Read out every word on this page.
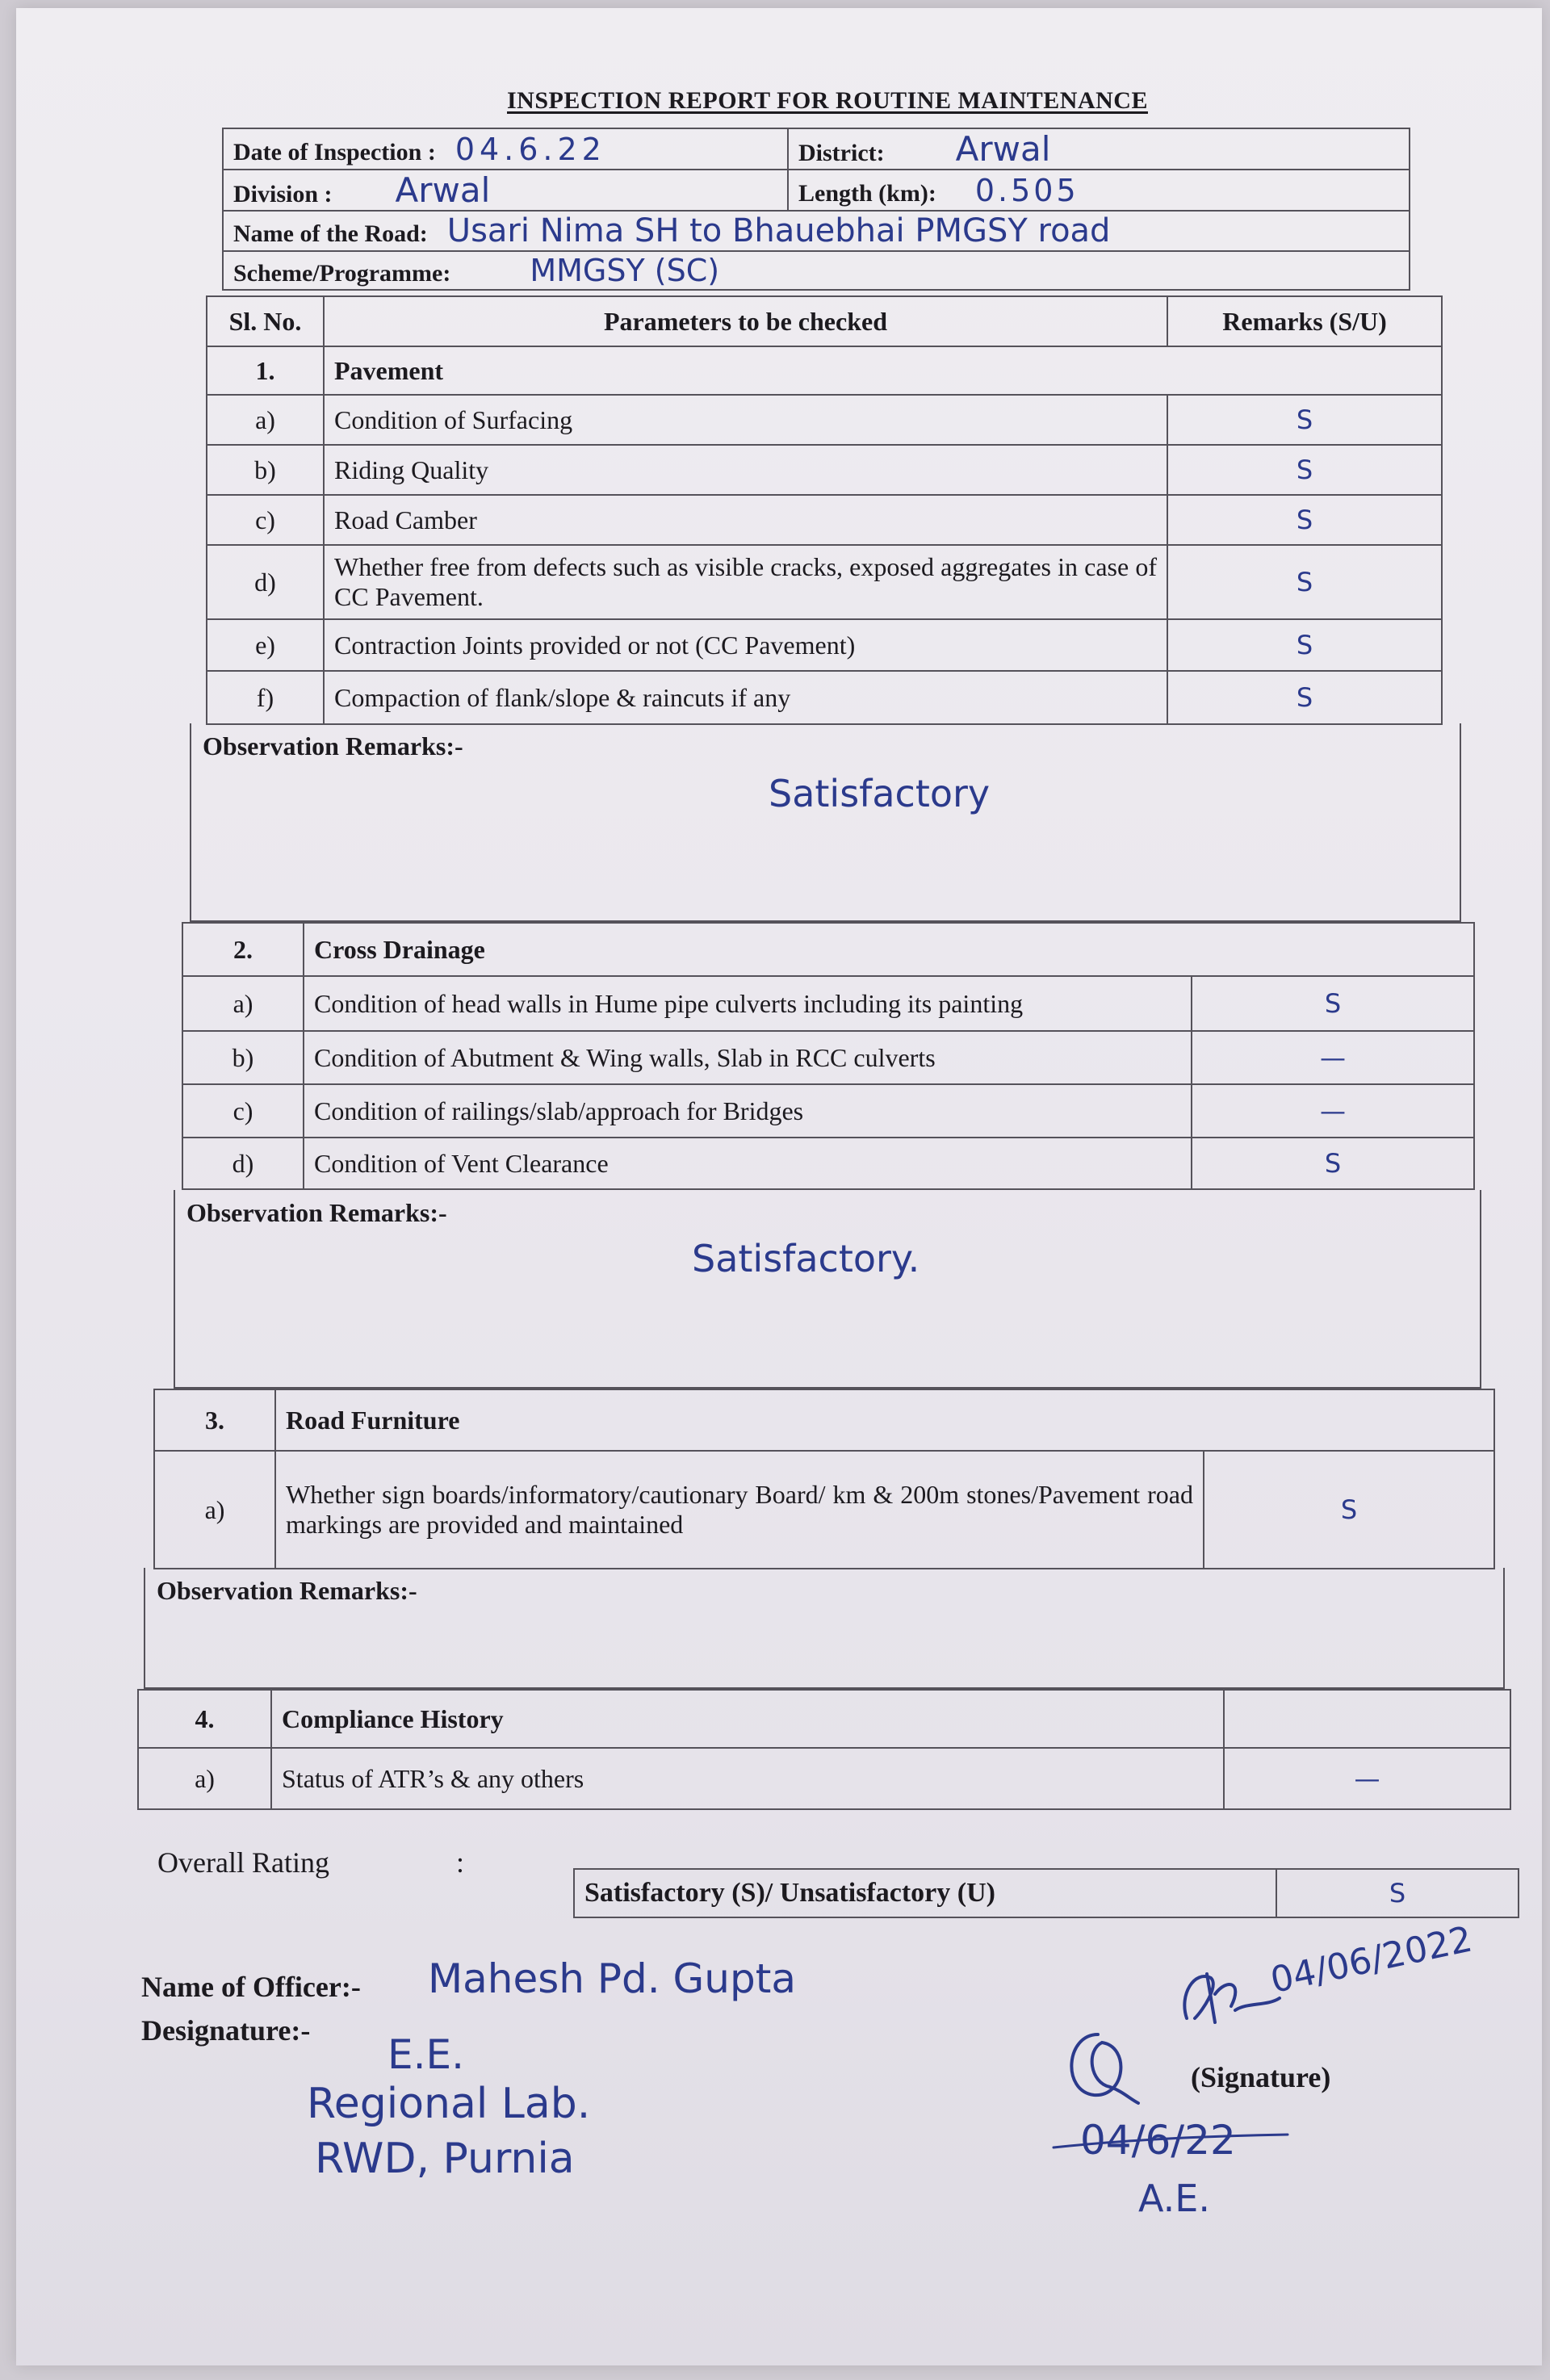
INSPECTION REPORT FOR ROUTINE MAINTENANCE
Date of Inspection : 04.6.22	District: Arwal
Division : Arwal	Length (km): 0.505
Name of the Road: Usari Nima SH to Bhauebhai PMGSY road	
Scheme/Programme: MMGSY (SC)	
Sl. No.	Parameters to be checked	Remarks (S/U)
1.	Pavement	
a)	Condition of Surfacing	S
b)	Riding Quality	S
c)	Road Camber	S
d)	Whether free from defects such as visible cracks, exposed aggregates in case of CC Pavement.	S
e)	Contraction Joints provided or not (CC Pavement)	S
f)	Compaction of flank/slope & raincuts if any	S
Observation Remarks:-
Satisfactory
2.	Cross Drainage	
a)	Condition of head walls in Hume pipe culverts including its painting	S
b)	Condition of Abutment & Wing walls, Slab in RCC culverts	—
c)	Condition of railings/slab/approach for Bridges	—
d)	Condition of Vent Clearance	S
Observation Remarks:-
Satisfactory.
3.	Road Furniture	
a)	Whether sign boards/informatory/cautionary Board/ km & 200m stones/Pavement road markings are provided and maintained	S
Observation Remarks:-
4.	Compliance History	
a)	Status of ATR’s & any others	—
Overall Rating	:
Satisfactory (S)/ Unsatisfactory (U)	S
Name of Officer:- Mahesh Pd. Gupta
Designature:-
E.E.
Regional Lab.
RWD, Purnia
04/06/2022
(Signature)
04/6/22
A.E.
